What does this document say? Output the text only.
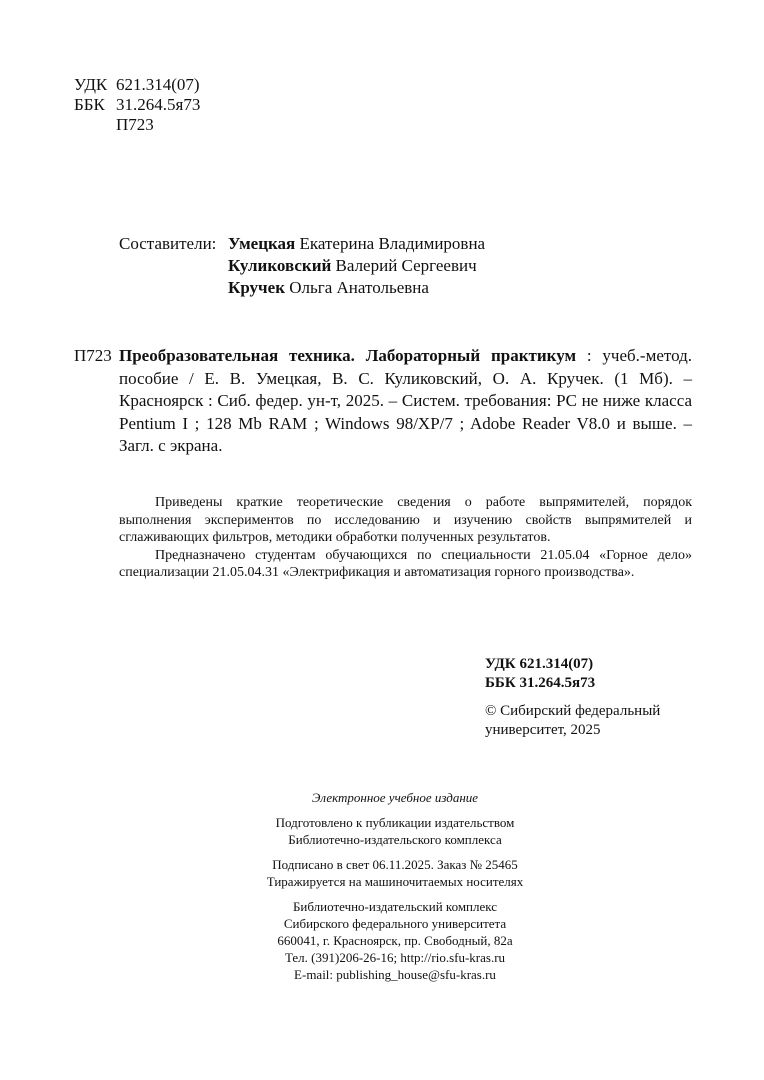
УДК 621.314(07)
ББК 31.264.5я73
П723
Составители: Умецкая Екатерина Владимировна
Куликовский Валерий Сергеевич
Кручек Ольга Анатольевна
П723 Преобразовательная техника. Лабораторный практикум : учеб.-метод. пособие / Е. В. Умецкая, В. С. Куликовский, О. А. Кручек. (1 Мб). – Красноярск : Сиб. федер. ун-т, 2025. – Систем. требования: PC не ниже класса Pentium I ; 128 Mb RAM ; Windows 98/XP/7 ; Adobe Reader V8.0 и выше. – Загл. с экрана.

Приведены краткие теоретические сведения о работе выпрямителей, порядок выполнения экспериментов по исследованию и изучению свойств выпрямителей и сглаживающих фильтров, методики обработки полученных результатов.

Предназначено студентам обучающихся по специальности 21.05.04 «Горное дело» специализации 21.05.04.31 «Электрификация и автоматизация горного производства».

УДК 621.314(07)
ББК 31.264.5я73
© Сибирский федеральный
университет, 2025
Электронное учебное издание
Подготовлено к публикации издательством
Библиотечно-издательского комплекса
Подписано в свет 06.11.2025. Заказ № 25465
Тиражируется на машиночитаемых носителях
Библиотечно-издательский комплекс
Сибирского федерального университета
660041, г. Красноярск, пр. Свободный, 82а
Тел. (391)206-26-16; http://rio.sfu-kras.ru
E-mail: publishing_house@sfu-kras.ru
